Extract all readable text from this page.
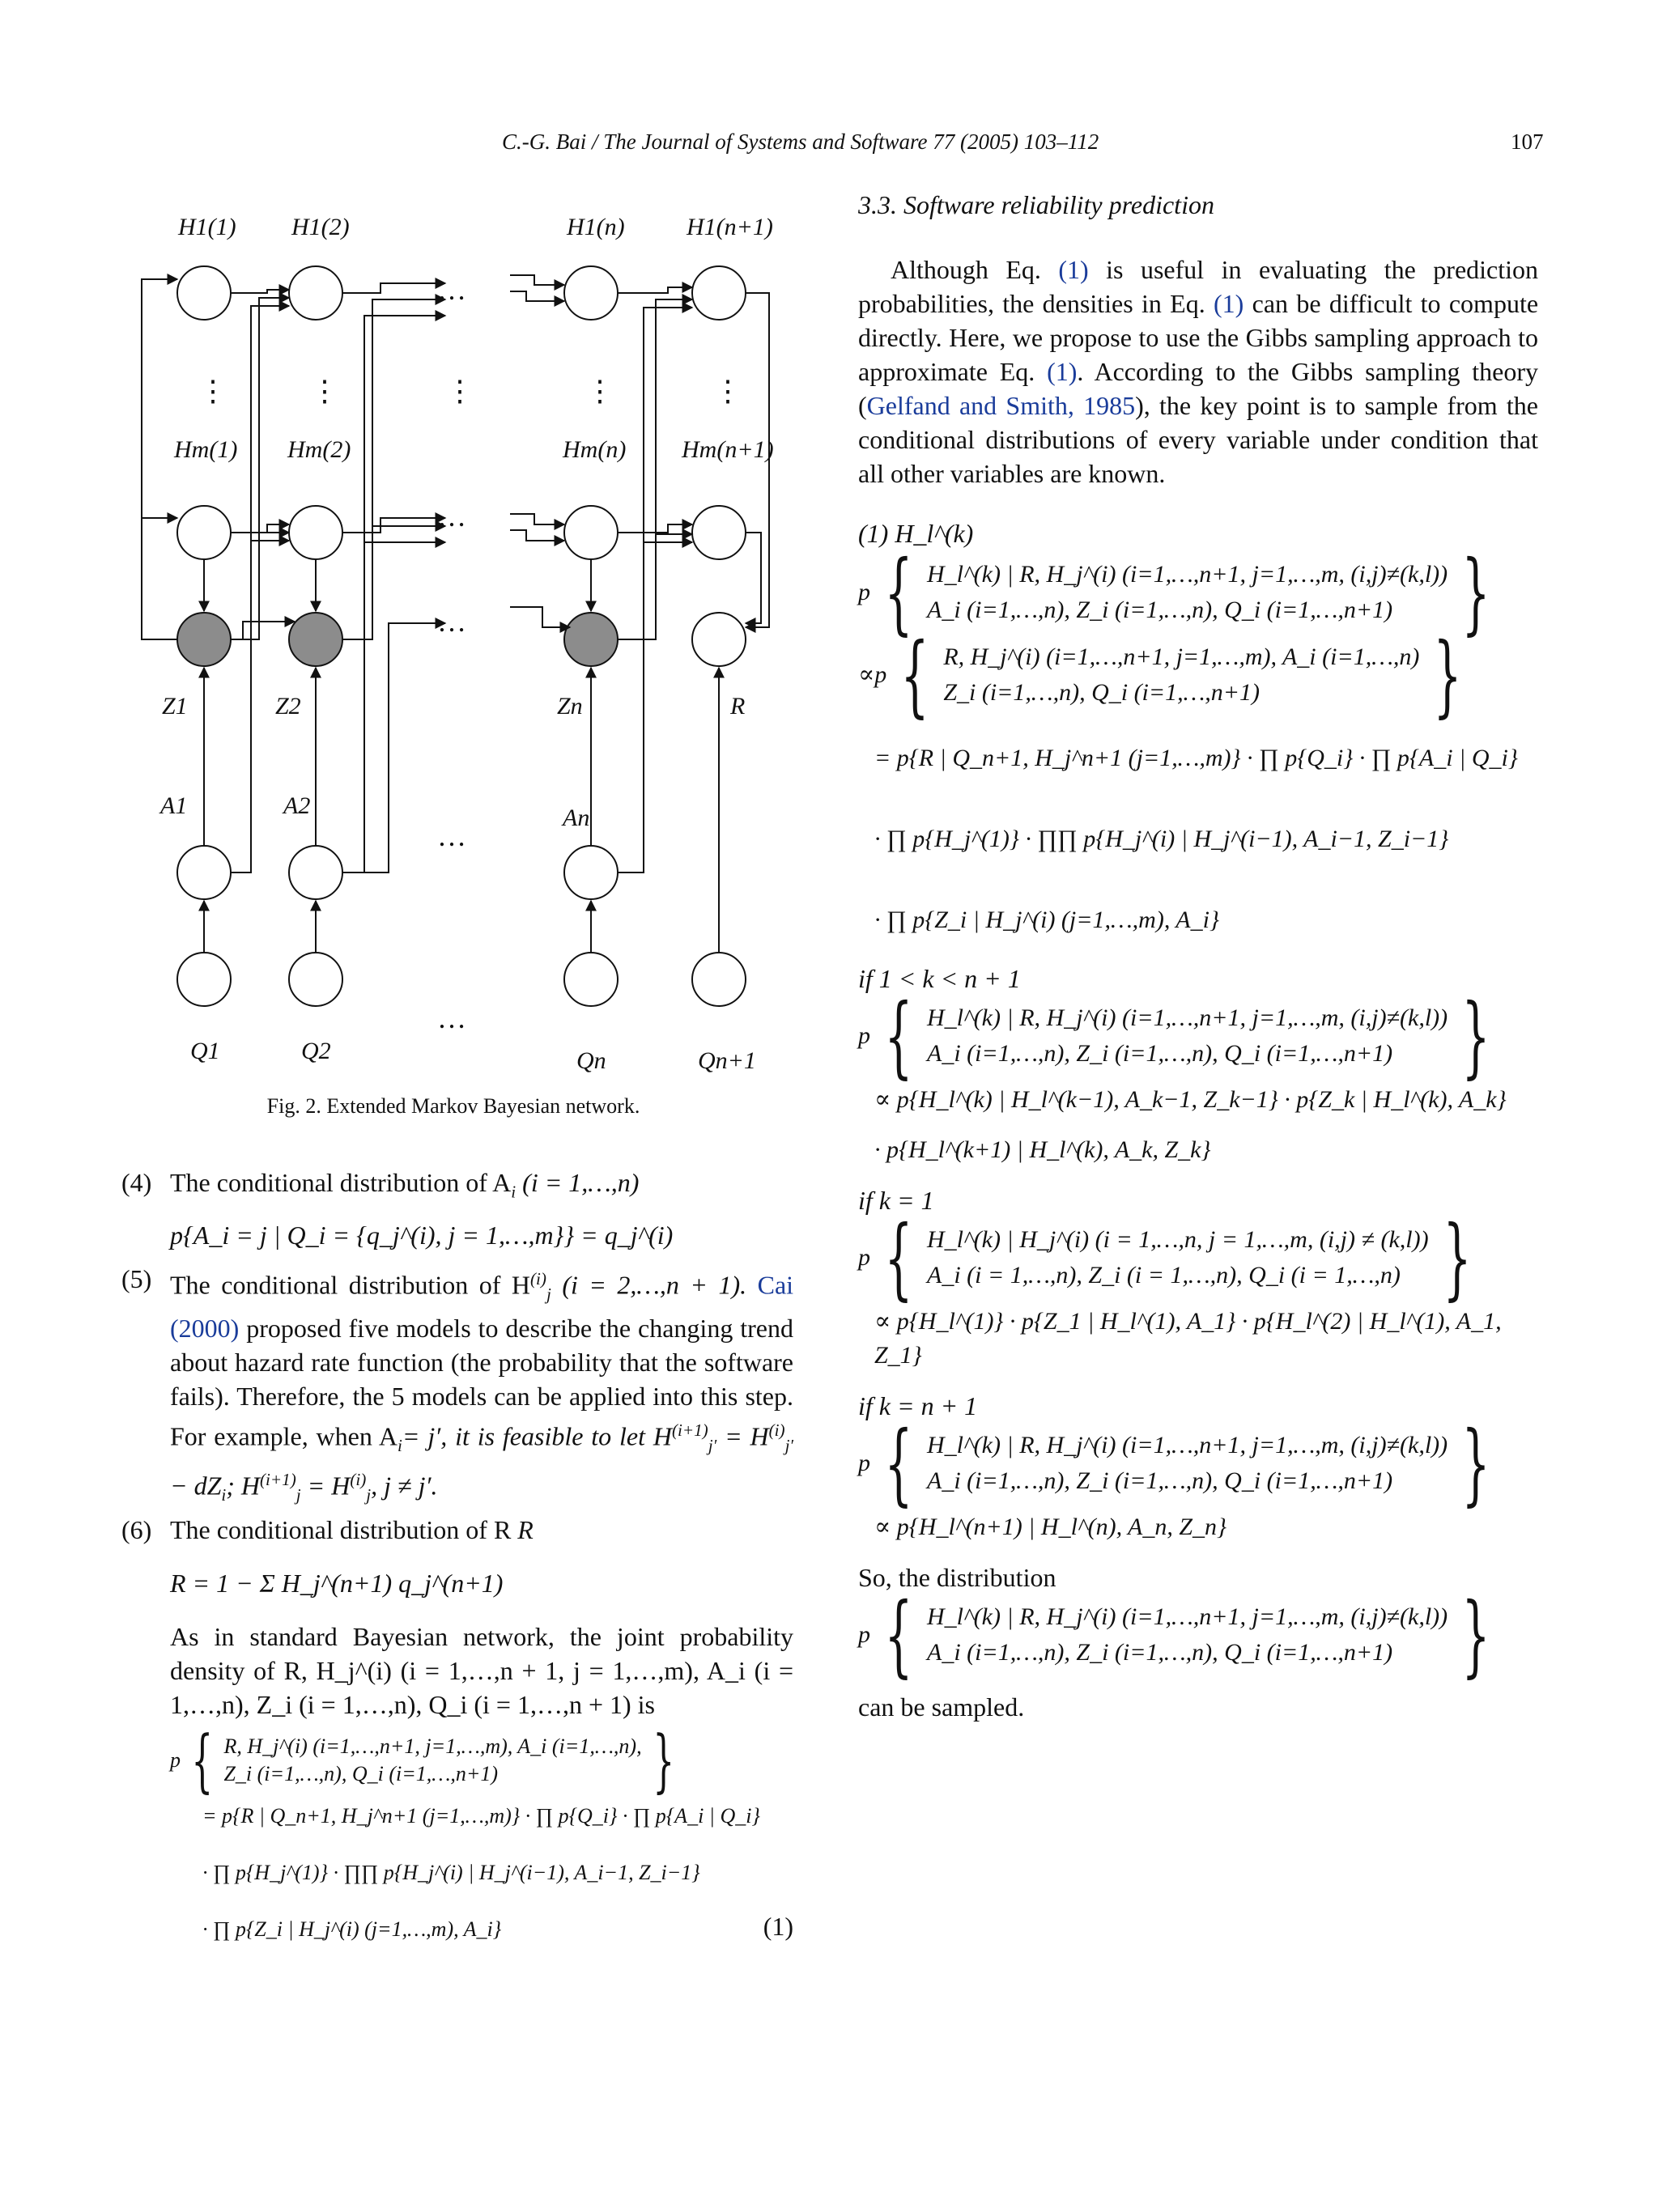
C.-G. Bai / The Journal of Systems and Software 77 (2005) 103–112	107
H1(1) H1(2)	H1(n)	H1(n+1)
Hm(1) Hm(2)	Hm(n) Hm(n+1)
Z1	Z2	Zn	R
A1	A2	An
Q1	Q2	Qn	Qn+1
⋮	⋮	⋮	⋮	⋮
…
…
…
…
…
Fig. 2. Extended Markov Bayesian network.
(4) The conditional distribution of $A_i$ (i = 1,…,n)
p{A_i = j | Q_i = {q_j^(i), j = 1,…,m}} = q_j^(i)
(5) The conditional distribution of $H^{(i)}_j$ (i = 2,…,n + 1). Cai (2000) proposed five models to describe the changing trend about hazard rate function (the probability that the software fails). Therefore, the 5 models can be applied into this step. For example, when $A_i= j'$, it is feasible to let $H^{(i+1)}_{j'} = H^{(i)}_{j'} - dZ_i$; $H^{(i+1)}_j = H^{(i)}_j$, j ≠ j′.
(6) The conditional distribution of R R
R = 1 − Σ H_j^(n+1) q_j^(n+1)

As in standard Bayesian network, the joint probability density of R, H_j^(i) (i = 1,…,n + 1, j = 1,…,m), A_i (i = 1,…,n), Z_i (i = 1,…,n), Q_i (i = 1,…,n + 1) is

p { R, H_j^(i) (i=1,…,n+1, j=1,…,m), A_i (i=1,…,n),
Z_i (i=1,…,n), Q_i (i=1,…,n+1)	}
= p{R | Q_n+1, H_j^n+1 (j=1,…,m)} · ∏ p{Q_i} · ∏ p{A_i | Q_i}
· ∏ p{H_j^(1)} · ∏∏ p{H_j^(i) | H_j^(i−1), A_i−1, Z_i−1}
· ∏ p{Z_i | H_j^(i) (j=1,…,m), A_i}	(1)
3.3. Software reliability prediction

Although Eq. (1) is useful in evaluating the prediction probabilities, the densities in Eq. (1) can be difficult to compute directly. Here, we propose to use the Gibbs sampling approach to approximate Eq. (1). According to the Gibbs sampling theory (Gelfand and Smith, 1985), the key point is to sample from the conditional distributions of every variable under condition that all other variables are known.

(1) H_l^(k)
p { H_l^(k) | R, H_j^(i) (i=1,…,n+1, j=1,…,m, (i,j)≠(k,l))
A_i (i=1,…,n), Z_i (i=1,…,n), Q_i (i=1,…,n+1) }
∝p { R, H_j^(i) (i=1,…,n+1, j=1,…,m), A_i (i=1,…,n)
Z_i (i=1,…,n), Q_i (i=1,…,n+1)	}
= p{R | Q_n+1, H_j^n+1 (j=1,…,m)} · ∏ p{Q_i} · ∏ p{A_i | Q_i}
· ∏ p{H_j^(1)} · ∏∏ p{H_j^(i) | H_j^(i−1), A_i−1, Z_i−1}
· ∏ p{Z_i | H_j^(i) (j=1,…,m), A_i}
if 1 < k < n + 1
p { H_l^(k) | R, H_j^(i) (i=1,…,n+1, j=1,…,m, (i,j)≠(k,l))
A_i (i=1,…,n), Z_i (i=1,…,n), Q_i (i=1,…,n+1) }
∝ p{H_l^(k) | H_l^(k−1), A_k−1, Z_k−1} · p{Z_k | H_l^(k), A_k}
· p{H_l^(k+1) | H_l^(k), A_k, Z_k}
if k = 1
p { H_l^(k) | H_j^(i) (i = 1,…,n, j = 1,…,m, (i,j) ≠ (k,l))
A_i (i = 1,…,n), Z_i (i = 1,…,n), Q_i (i = 1,…,n) }
∝ p{H_l^(1)} · p{Z_1 | H_l^(1), A_1} · p{H_l^(2) | H_l^(1), A_1, Z_1}
if k = n + 1
p { H_l^(k) | R, H_j^(i) (i=1,…,n+1, j=1,…,m, (i,j)≠(k,l))
A_i (i=1,…,n), Z_i (i=1,…,n), Q_i (i=1,…,n+1) }
∝ p{H_l^(n+1) | H_l^(n), A_n, Z_n}
So, the distribution
p { H_l^(k) | R, H_j^(i) (i=1,…,n+1, j=1,…,m, (i,j)≠(k,l))
A_i (i=1,…,n), Z_i (i=1,…,n), Q_i (i=1,…,n+1) }
can be sampled.
